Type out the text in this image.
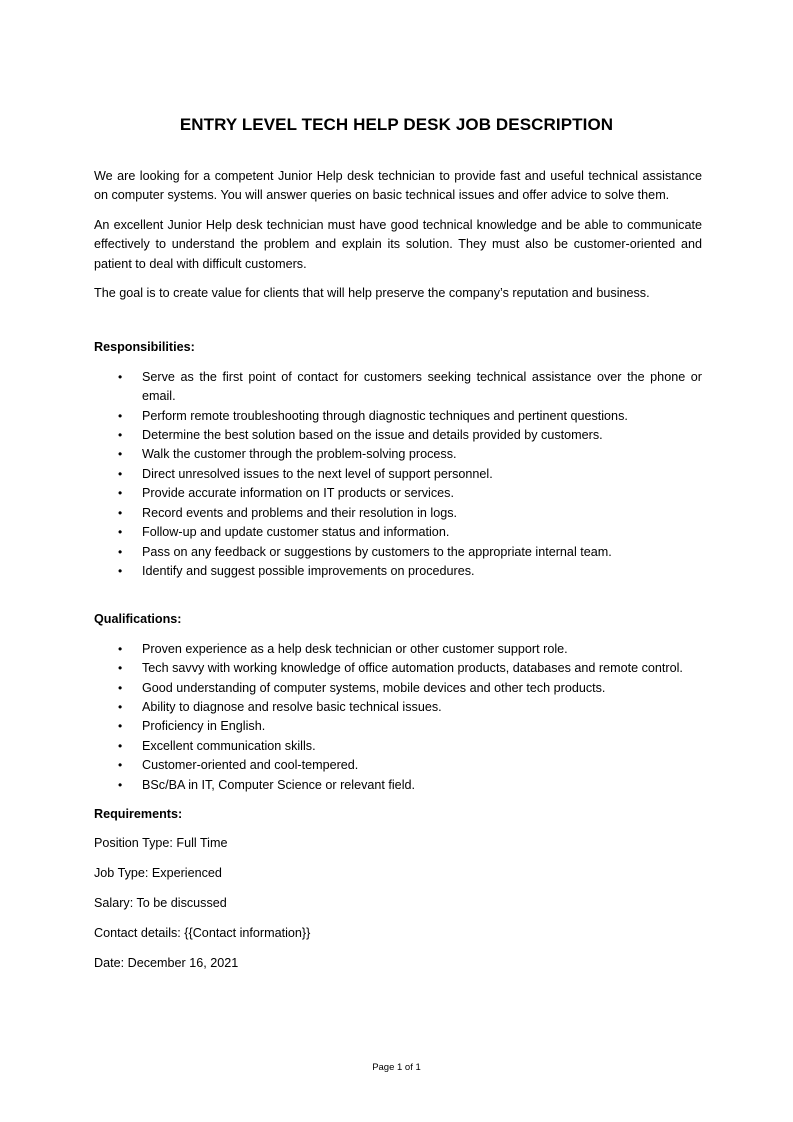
ENTRY LEVEL TECH HELP DESK JOB DESCRIPTION

We are looking for a competent Junior Help desk technician to provide fast and useful technical assistance on computer systems. You will answer queries on basic technical issues and offer advice to solve them.

An excellent Junior Help desk technician must have good technical knowledge and be able to communicate effectively to understand the problem and explain its solution. They must also be customer-oriented and patient to deal with difficult customers.

The goal is to create value for clients that will help preserve the company’s reputation and business.

Responsibilities:
• Serve as the first point of contact for customers seeking technical assistance over the phone or email.
• Perform remote troubleshooting through diagnostic techniques and pertinent questions.
• Determine the best solution based on the issue and details provided by customers.
• Walk the customer through the problem-solving process.
• Direct unresolved issues to the next level of support personnel.
• Provide accurate information on IT products or services.
• Record events and problems and their resolution in logs.
• Follow-up and update customer status and information.
• Pass on any feedback or suggestions by customers to the appropriate internal team.
• Identify and suggest possible improvements on procedures.
Qualifications:
• Proven experience as a help desk technician or other customer support role.
• Tech savvy with working knowledge of office automation products, databases and remote control.
• Good understanding of computer systems, mobile devices and other tech products.
• Ability to diagnose and resolve basic technical issues.
• Proficiency in English.
• Excellent communication skills.
• Customer-oriented and cool-tempered.
• BSc/BA in IT, Computer Science or relevant field.
Requirements:
Position Type: Full Time
Job Type: Experienced
Salary: To be discussed
Contact details: {{Contact information}}
Date: December 16, 2021
Page 1 of 1
